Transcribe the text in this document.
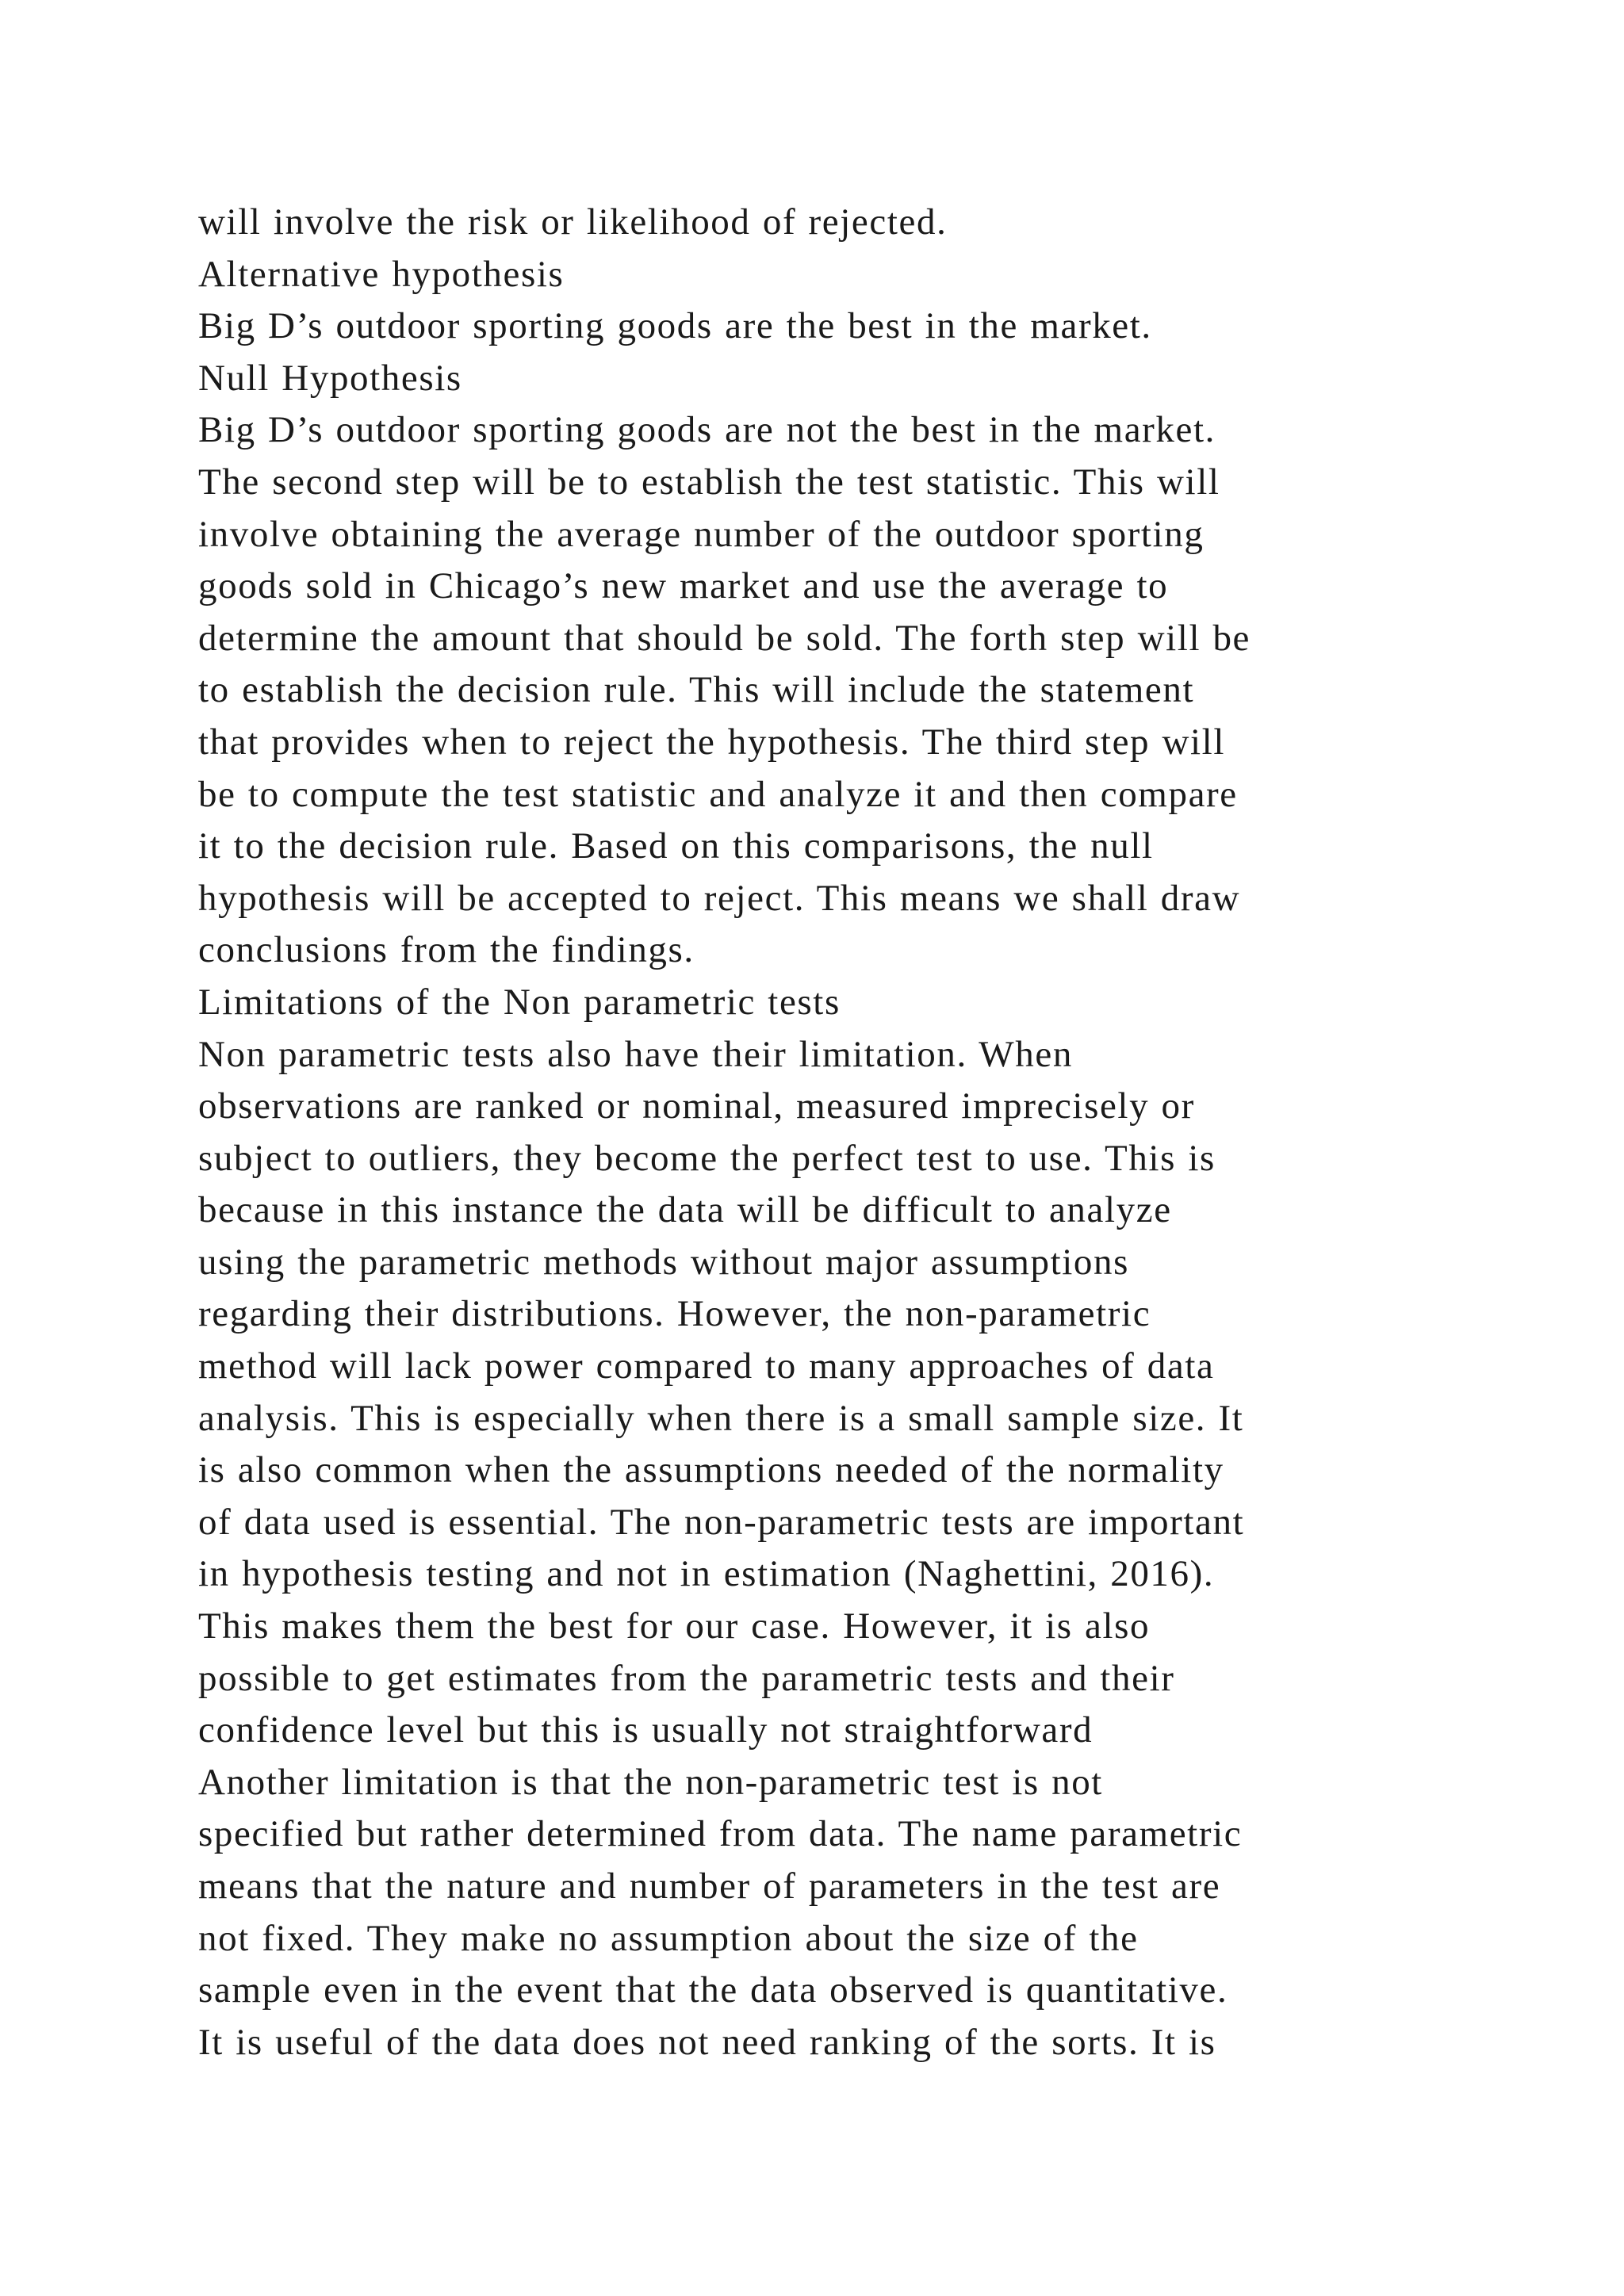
will involve the risk or likelihood of rejected.
Alternative hypothesis
Big D’s outdoor sporting goods are the best in the market.
Null Hypothesis
Big D’s outdoor sporting goods are not the best in the market.
The second step will be to establish the test statistic. This will
involve obtaining the average number of the outdoor sporting
goods sold in Chicago’s new market and use the average to
determine the amount that should be sold. The forth step will be
to establish the decision rule. This will include the statement
that provides when to reject the hypothesis. The third step will
be to compute the test statistic and analyze it and then compare
it to the decision rule. Based on this comparisons, the null
hypothesis will be accepted to reject. This means we shall draw
conclusions from the findings.
Limitations of the Non parametric tests
Non parametric tests also have their limitation. When
observations are ranked or nominal, measured imprecisely or
subject to outliers, they become the perfect test to use. This is
because in this instance the data will be difficult to analyze
using the parametric methods without major assumptions
regarding their distributions. However, the non-parametric
method will lack power compared to many approaches of data
analysis. This is especially when there is a small sample size. It
is also common when the assumptions needed of the normality
of data used is essential. The non-parametric tests are important
in hypothesis testing and not in estimation (Naghettini, 2016).
This makes them the best for our case. However, it is also
possible to get estimates from the parametric tests and their
confidence level but this is usually not straightforward
Another limitation is that the non-parametric test is not
specified but rather determined from data. The name parametric
means that the nature and number of parameters in the test are
not fixed. They make no assumption about the size of the
sample even in the event that the data observed is quantitative.
It is useful of the data does not need ranking of the sorts. It is
